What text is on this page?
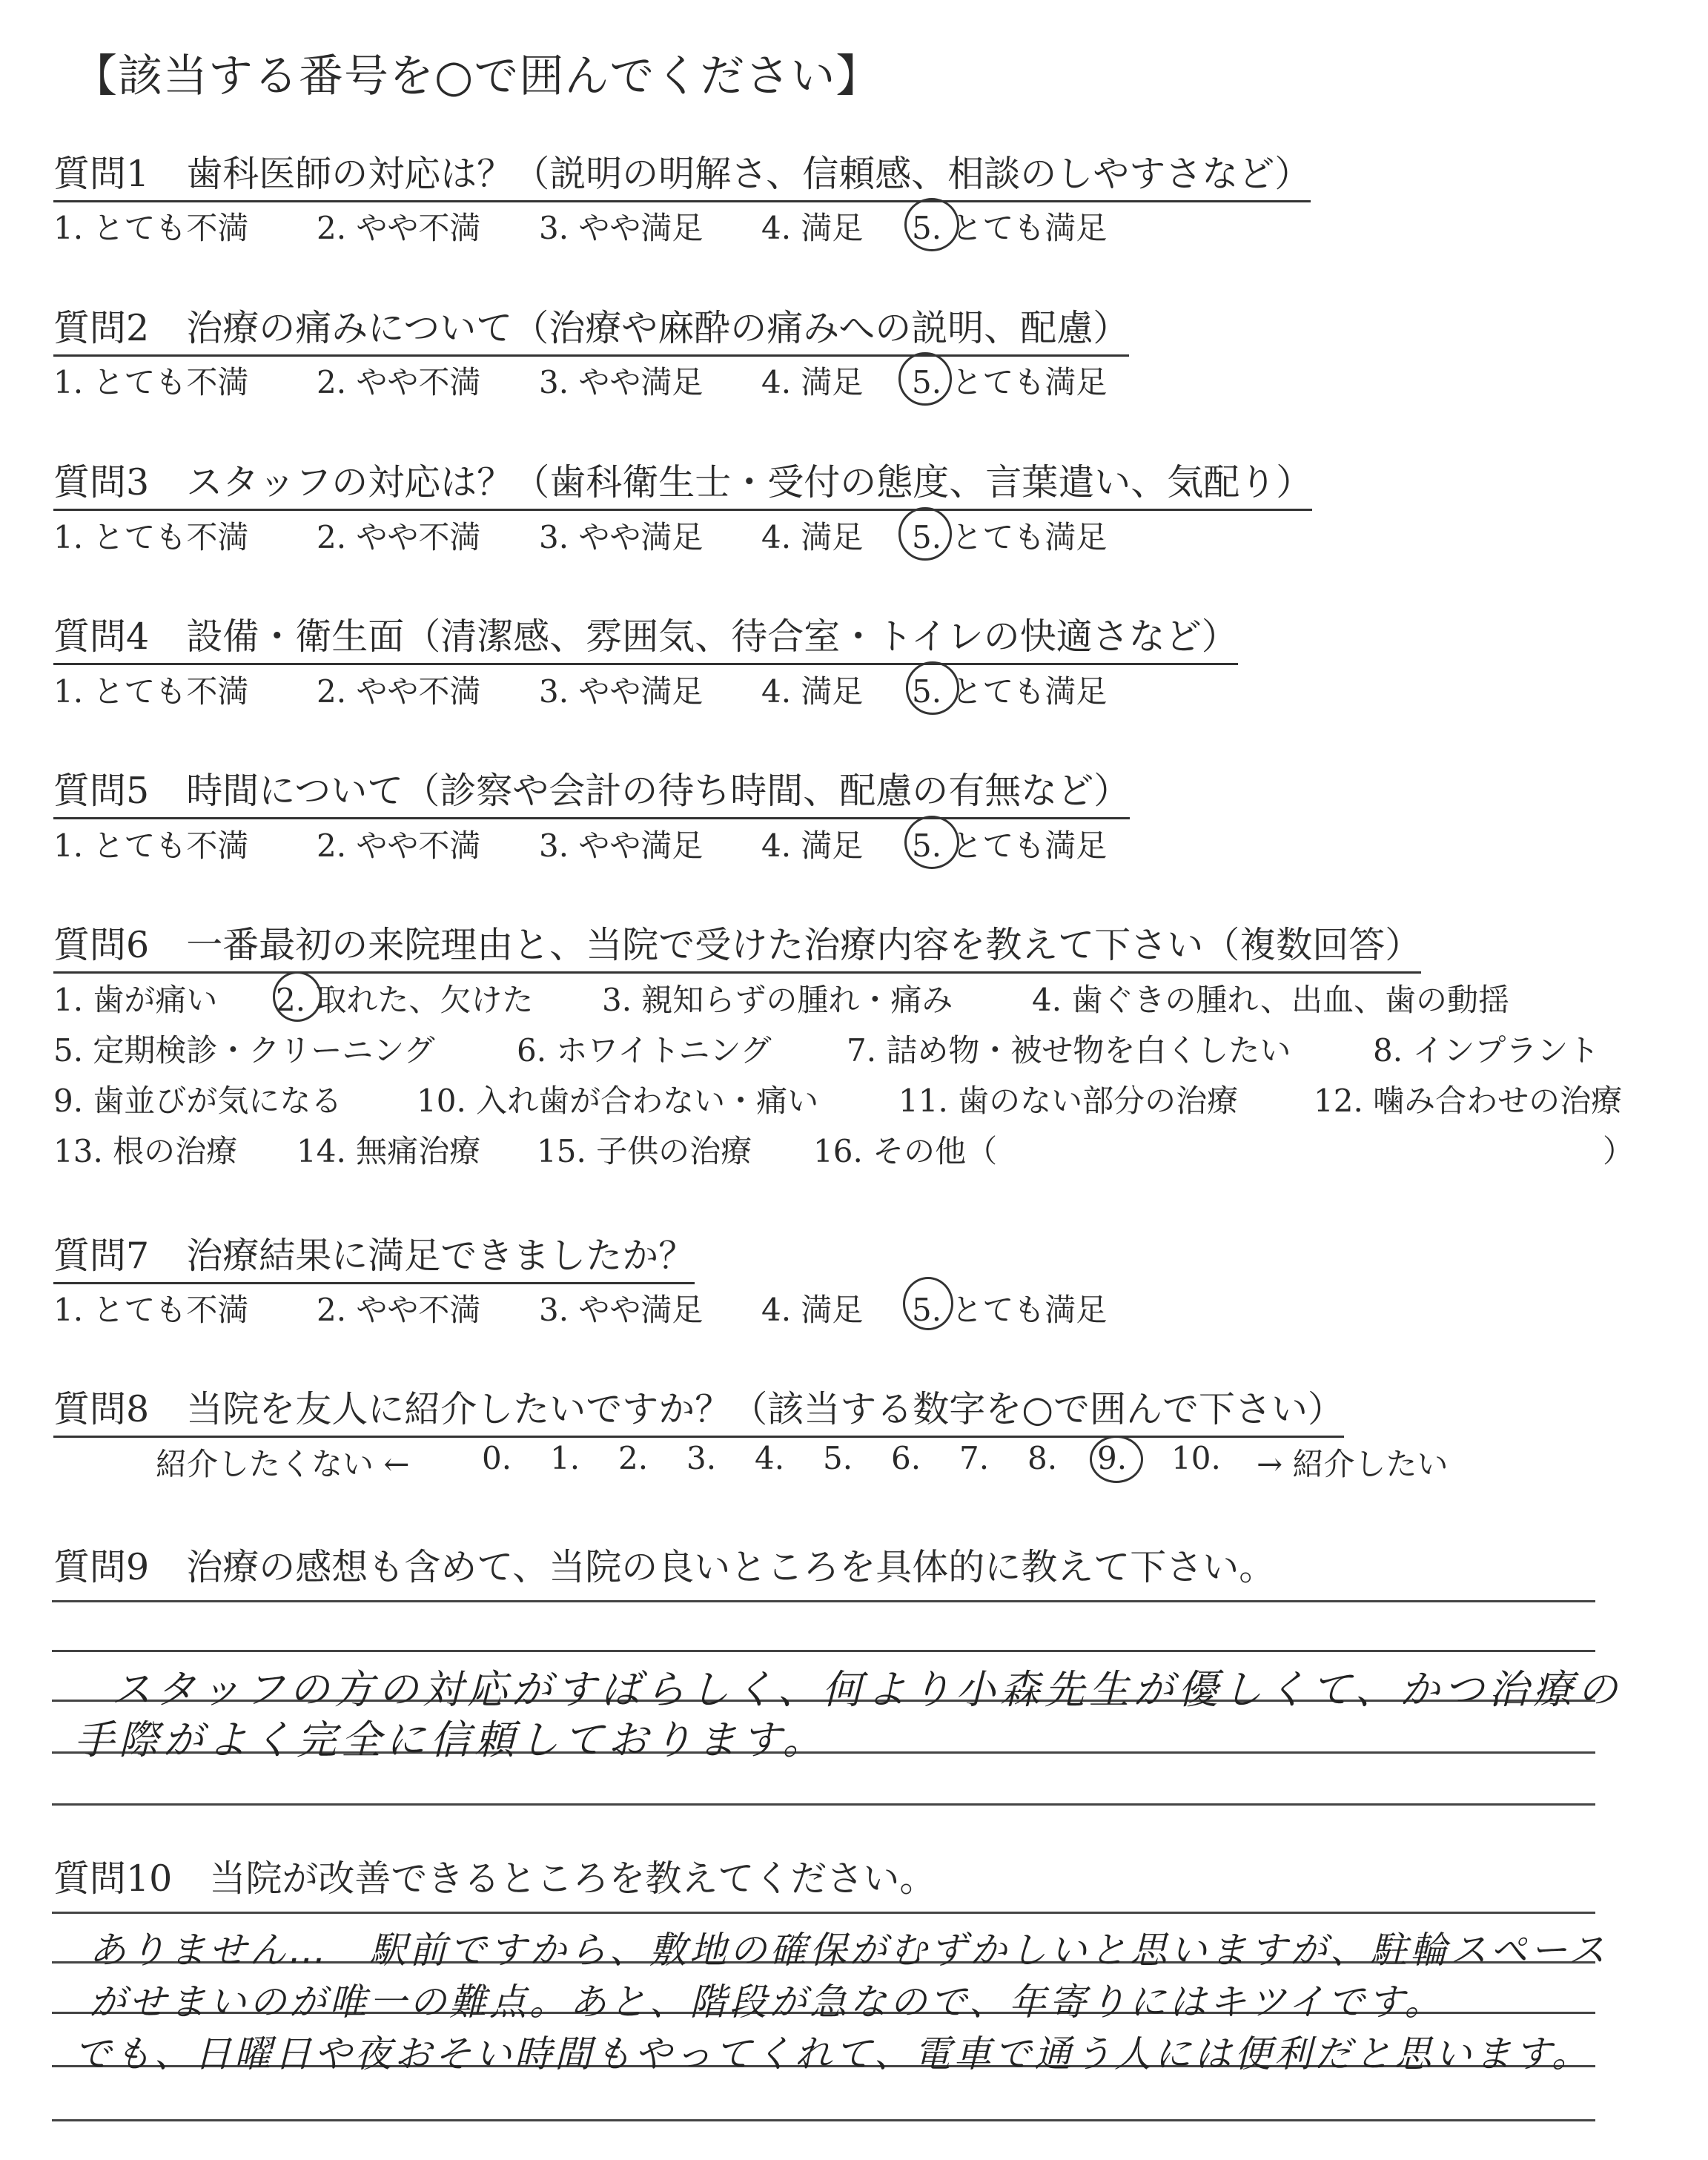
【該当する番号を○で囲んでください】
質問1 歯科医師の対応は？（説明の明解さ、信頼感、相談のしやすさなど）
1. とても不満 2. やや不満 3. やや満足 4. 満足 5. とても満足
質問2 治療の痛みについて（治療や麻酔の痛みへの説明、配慮）
1. とても不満 2. やや不満 3. やや満足 4. 満足 5. とても満足
質問3 スタッフの対応は？（歯科衛生士・受付の態度、言葉遣い、気配り）
1. とても不満 2. やや不満 3. やや満足 4. 満足 5. とても満足
質問4 設備・衛生面（清潔感、雰囲気、待合室・トイレの快適さなど）
1. とても不満 2. やや不満 3. やや満足 4. 満足 5. とても満足
質問5 時間について（診察や会計の待ち時間、配慮の有無など）
1. とても不満 2. やや不満 3. やや満足 4. 満足 5. とても満足
質問6 一番最初の来院理由と、当院で受けた治療内容を教えて下さい（複数回答）
1. 歯が痛い 2. 取れた、欠けた 3. 親知らずの腫れ・痛み	4. 歯ぐきの腫れ、出血、歯の動揺
5. 定期検診・クリーニング	6. ホワイトニング 7. 詰め物・被せ物を白くしたい	8. インプラント
9. 歯並びが気になる 10. 入れ歯が合わない・痛い	11. 歯のない部分の治療 12. 噛み合わせの治療
13. 根の治療 14. 無痛治療 15. 子供の治療 16. その他（	）
質問7 治療結果に満足できましたか？
1. とても不満 2. やや不満 3. やや満足 4. 満足 5. とても満足
質問8 当院を友人に紹介したいですか？（該当する数字を○で囲んで下さい）
紹介したくない ← 0. 1. 2. 3. 4. 5. 6. 7. 8. 9. 10. → 紹介したい
質問9 治療の感想も含めて、当院の良いところを具体的に教えて下さい。
スタッフの方の対応がすばらしく、何より小森先生が優しくて、かつ治療の
手際がよく完全に信頼しております。
質問10 当院が改善できるところを教えてください。
ありません…　駅前ですから、敷地の確保がむずかしいと思いますが、駐輪スペース
がせまいのが唯一の難点。あと、階段が急なので、年寄りにはキツイです。
でも、日曜日や夜おそい時間もやってくれて、電車で通う人には便利だと思います。
